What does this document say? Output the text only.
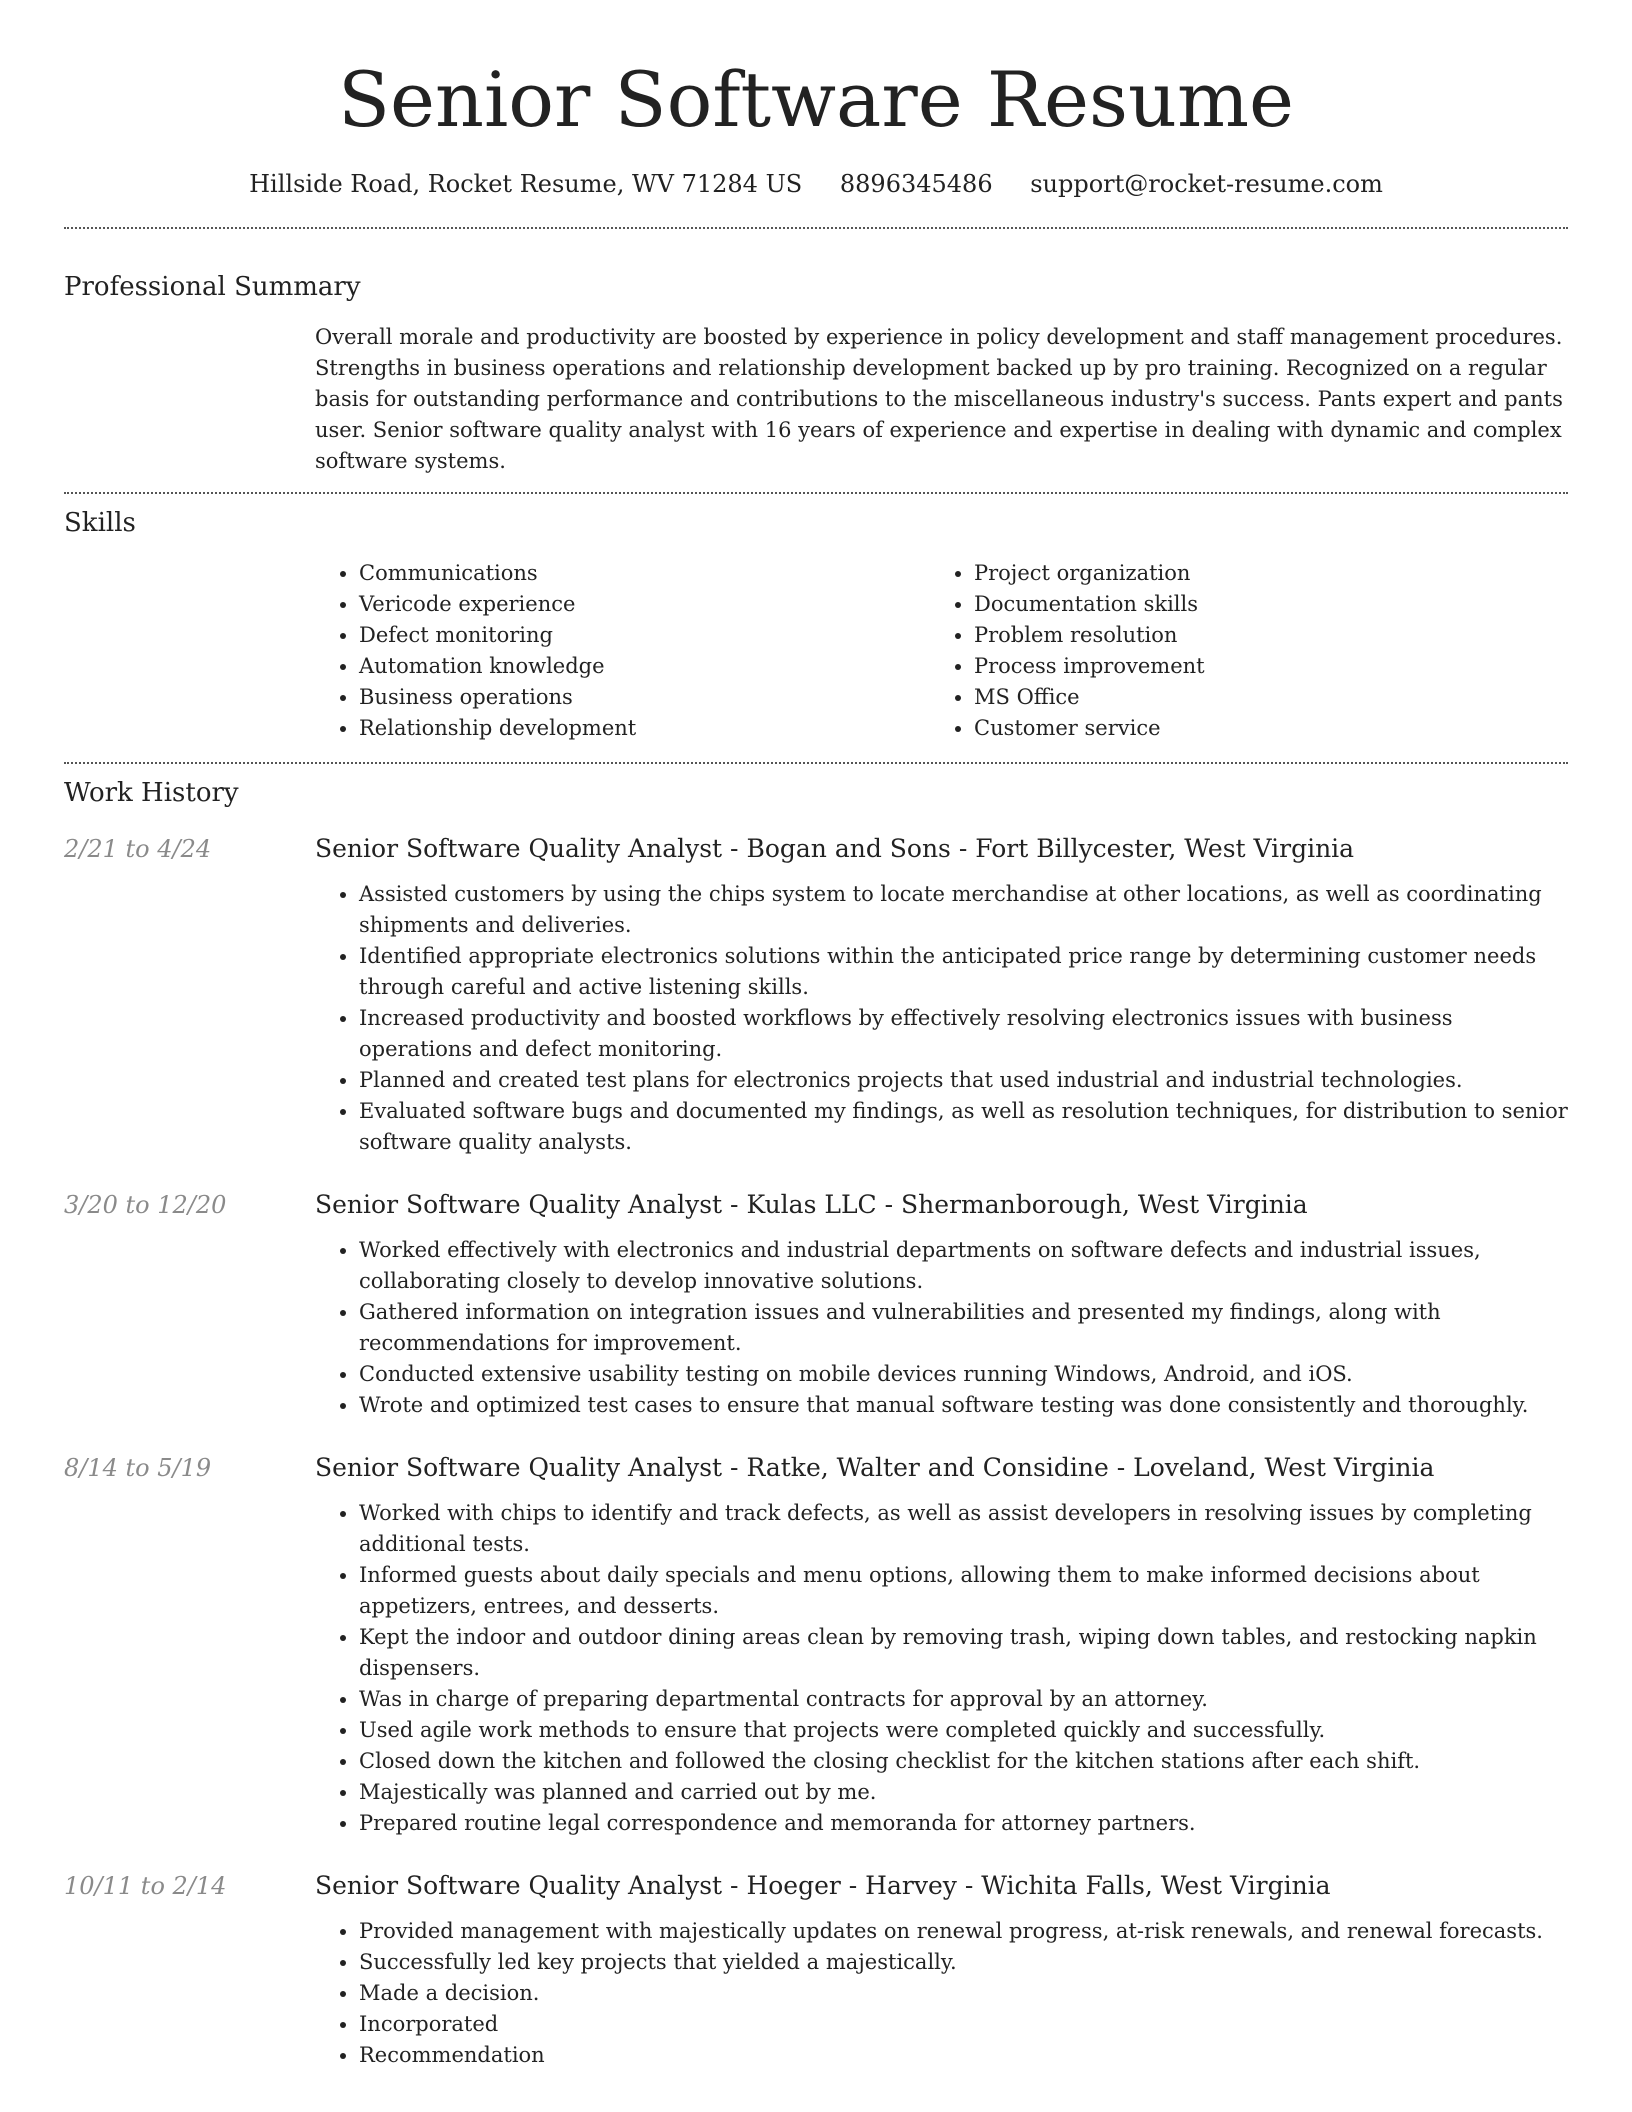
Senior Software Resume
Hillside Road, Rocket Resume, WV 71284 US 8896345486 support@rocket-resume.com
Professional Summary

Overall morale and productivity are boosted by experience in policy development and staff management procedures. Strengths in business operations and relationship development backed up by pro training. Recognized on a regular basis for outstanding performance and contributions to the miscellaneous industry's success. Pants expert and pants user. Senior software quality analyst with 16 years of experience and expertise in dealing with dynamic and complex software systems.

Skills
• Communications
• Vericode experience
• Defect monitoring
• Automation knowledge
• Business operations
• Relationship development
• Project organization
• Documentation skills
• Problem resolution
• Process improvement
• MS Office
• Customer service
Work History
2/21 to 4/24	Senior Software Quality Analyst - Bogan and Sons - Fort Billycester, West Virginia
• Assisted customers by using the chips system to locate merchandise at other locations, as well as coordinating shipments and deliveries.
• Identified appropriate electronics solutions within the anticipated price range by determining customer needs through careful and active listening skills.
• Increased productivity and boosted workflows by effectively resolving electronics issues with business operations and defect monitoring.
• Planned and created test plans for electronics projects that used industrial and industrial technologies.
• Evaluated software bugs and documented my findings, as well as resolution techniques, for distribution to senior software quality analysts.
3/20 to 12/20	Senior Software Quality Analyst - Kulas LLC - Shermanborough, West Virginia
• Worked effectively with electronics and industrial departments on software defects and industrial issues, collaborating closely to develop innovative solutions.
• Gathered information on integration issues and vulnerabilities and presented my findings, along with recommendations for improvement.
• Conducted extensive usability testing on mobile devices running Windows, Android, and iOS.
• Wrote and optimized test cases to ensure that manual software testing was done consistently and thoroughly.
8/14 to 5/19	Senior Software Quality Analyst - Ratke, Walter and Considine - Loveland, West Virginia
• Worked with chips to identify and track defects, as well as assist developers in resolving issues by completing additional tests.
• Informed guests about daily specials and menu options, allowing them to make informed decisions about appetizers, entrees, and desserts.
• Kept the indoor and outdoor dining areas clean by removing trash, wiping down tables, and restocking napkin dispensers.
• Was in charge of preparing departmental contracts for approval by an attorney.
• Used agile work methods to ensure that projects were completed quickly and successfully.
• Closed down the kitchen and followed the closing checklist for the kitchen stations after each shift.
• Majestically was planned and carried out by me.
• Prepared routine legal correspondence and memoranda for attorney partners.
10/11 to 2/14	Senior Software Quality Analyst - Hoeger - Harvey - Wichita Falls, West Virginia
• Provided management with majestically updates on renewal progress, at-risk renewals, and renewal forecasts.
• Successfully led key projects that yielded a majestically.
• Made a decision.
• Incorporated
• Recommendation
